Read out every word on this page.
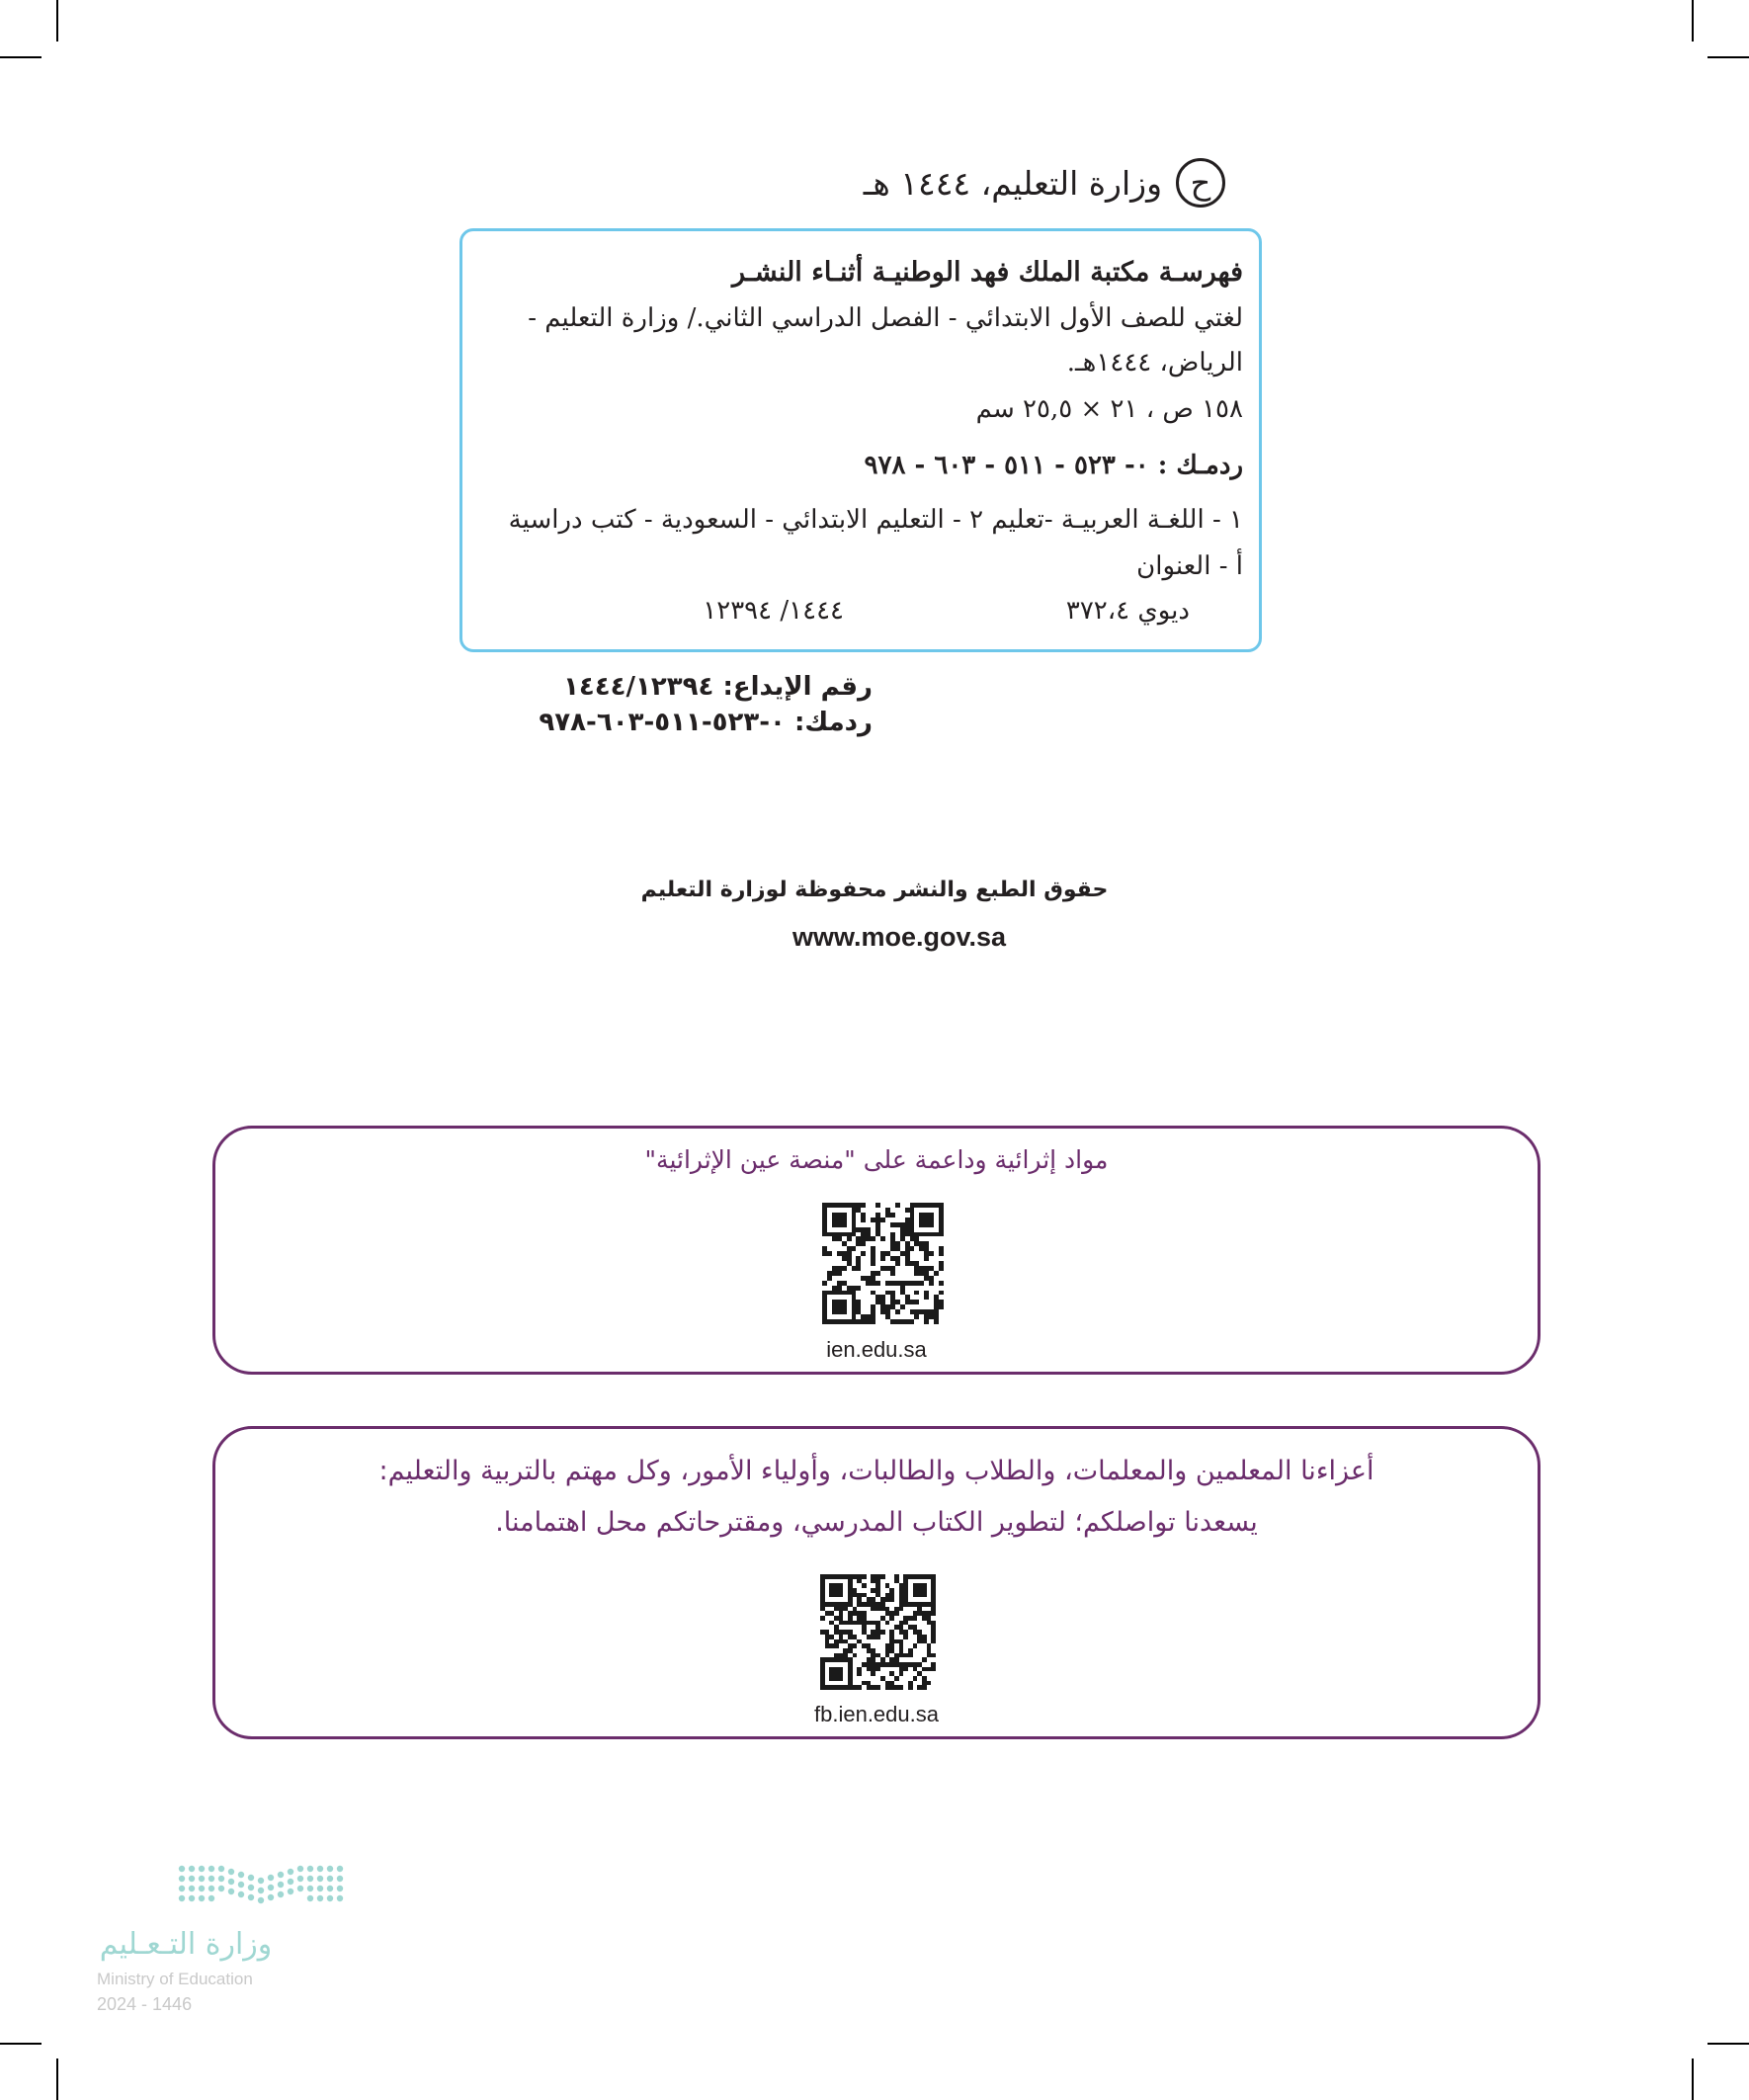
ح
وزارة التعليم، ١٤٤٤ هـ
فهرسـة مكتبة الملك فهد الوطنيـة أثنـاء النشـر
لغتي للصف الأول الابتدائي - الفصل الدراسي الثاني./ وزارة التعليم -
الرياض، ١٤٤٤هـ.
١٥٨ ص ، ٢١ × ٢٥,٥ سم
ردمـك : ٠- ٥٢٣ - ٥١١ - ٦٠٣ - ٩٧٨
١ - اللغـة العربيـة -تعليم ٢ - التعليم الابتدائي - السعودية - كتب دراسية
أ - العنوان
ديوي ٣٧٢،٤
١٤٤٤/ ١٢٣٩٤
رقم الإيداع: ١٤٤٤/١٢٣٩٤
ردمك: ٠-٥٢٣-٥١١-٦٠٣-٩٧٨
حقوق الطبع والنشر محفوظة لوزارة التعليم
www.moe.gov.sa
مواد إثرائية وداعمة على "منصة عين الإثرائية"
ien.edu.sa
أعزاءنا المعلمين والمعلمات، والطلاب والطالبات، وأولياء الأمور، وكل مهتم بالتربية والتعليم:
يسعدنا تواصلكم؛ لتطوير الكتاب المدرسي، ومقترحاتكم محل اهتمامنا.
fb.ien.edu.sa
وزارة التـعـليم
Ministry of Education
2024 - 1446
